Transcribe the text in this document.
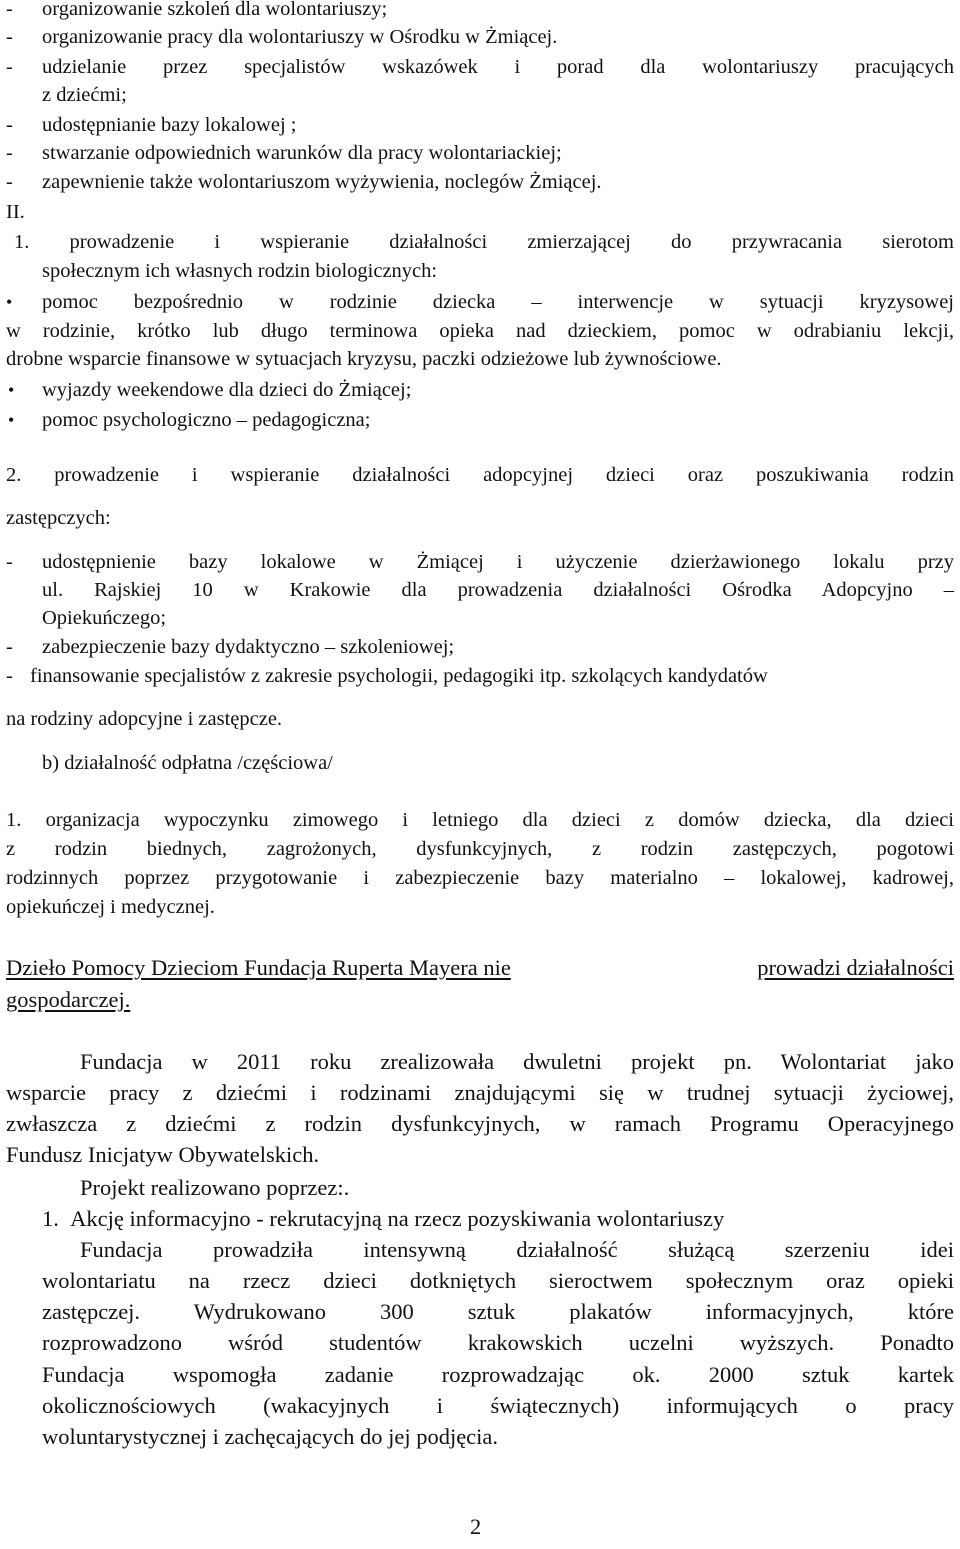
- organizowanie szkoleń dla wolontariuszy;
- organizowanie pracy dla wolontariuszy w Ośrodku w Żmiącej.
- udzielanie przez specjalistów wskazówek i porad dla wolontariuszy pracujących
z dziećmi;
- udostępnianie bazy lokalowej ;
- stwarzanie odpowiednich warunków dla pracy wolontariackiej;
- zapewnienie także wolontariuszom wyżywienia, noclegów Żmiącej.
II.
1. prowadzenie i wspieranie działalności zmierzającej do przywracania sierotom
społecznym ich własnych rodzin biologicznych:
• pomoc bezpośrednio w rodzinie dziecka – interwencje w sytuacji kryzysowej
w rodzinie, krótko lub długo terminowa opieka nad dzieckiem, pomoc w odrabianiu lekcji,
drobne wsparcie finansowe w sytuacjach kryzysu, paczki odzieżowe lub żywnościowe.
• wyjazdy weekendowe dla dzieci do Żmiącej;
• pomoc psychologiczno – pedagogiczna;
2. prowadzenie i wspieranie działalności adopcyjnej dzieci oraz poszukiwania rodzin
zastępczych:
- udostępnienie bazy lokalowe w Żmiącej i użyczenie dzierżawionego lokalu przy
ul. Rajskiej 10 w Krakowie dla prowadzenia działalności Ośrodka Adopcyjno –
Opiekuńczego;
- zabezpieczenie bazy dydaktyczno – szkoleniowej;
- finansowanie specjalistów z zakresie psychologii, pedagogiki itp. szkolących kandydatów
na rodziny adopcyjne i zastępcze.
b) działalność odpłatna /częściowa/
1. organizacja wypoczynku zimowego i letniego dla dzieci z domów dziecka, dla dzieci
z rodzin biednych, zagrożonych, dysfunkcyjnych, z rodzin zastępczych, pogotowi
rodzinnych poprzez przygotowanie i zabezpieczenie bazy materialno – lokalowej, kadrowej,
opiekuńczej i medycznej.
Dzieło Pomocy Dzieciom Fundacja Ruperta Mayera nie	prowadzi działalności
gospodarczej.
Fundacja w 2011 roku zrealizowała dwuletni projekt pn. Wolontariat jako
wsparcie pracy z dziećmi i rodzinami znajdującymi się w trudnej sytuacji życiowej,
zwłaszcza z dziećmi z rodzin dysfunkcyjnych, w ramach Programu Operacyjnego
Fundusz Inicjatyw Obywatelskich.
Projekt realizowano poprzez:.
1. Akcję informacyjno - rekrutacyjną na rzecz pozyskiwania wolontariuszy
Fundacja prowadziła intensywną działalność służącą szerzeniu idei
wolontariatu na rzecz dzieci dotkniętych sieroctwem społecznym oraz opieki
zastępczej. Wydrukowano 300 sztuk plakatów informacyjnych, które
rozprowadzono wśród studentów krakowskich uczelni wyższych. Ponadto
Fundacja wspomogła zadanie rozprowadzając ok. 2000 sztuk kartek
okolicznościowych (wakacyjnych i świątecznych) informujących o pracy
woluntarystycznej i zachęcających do jej podjęcia.
2
